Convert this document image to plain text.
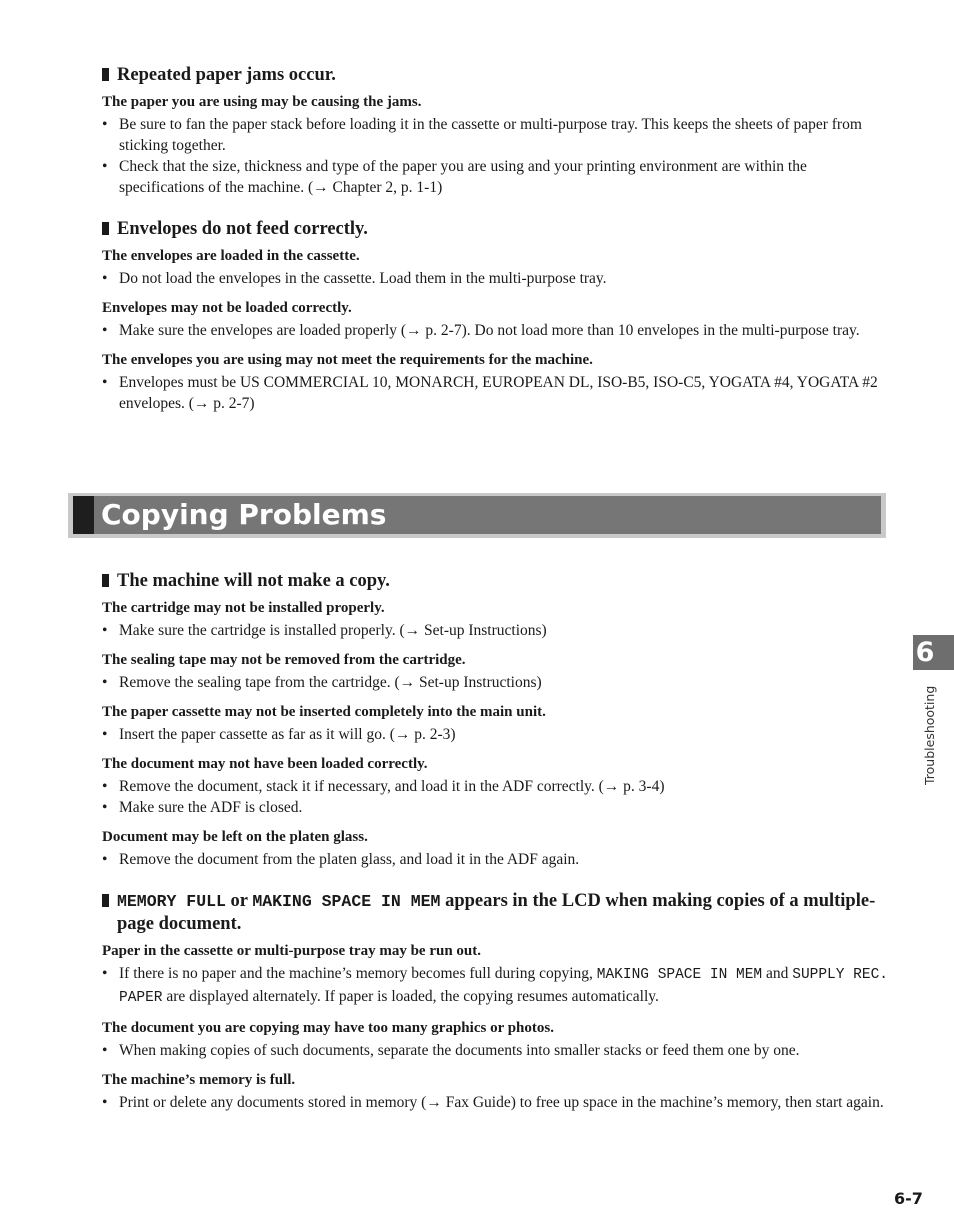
Repeated paper jams occur.
The paper you are using may be causing the jams.

• Be sure to fan the paper stack before loading it in the cassette or multi-purpose tray. This keeps the sheets of paper from sticking together.

• Check that the size, thickness and type of the paper you are using and your printing environment are within the specifications of the machine. (→ Chapter 2, p. 1-1)

Envelopes do not feed correctly.
The envelopes are loaded in the cassette.

• Do not load the envelopes in the cassette. Load them in the multi-purpose tray.

Envelopes may not be loaded correctly.

• Make sure the envelopes are loaded properly (→ p. 2-7). Do not load more than 10 envelopes in the multi-purpose tray.

The envelopes you are using may not meet the requirements for the machine.

• Envelopes must be US COMMERCIAL 10, MONARCH, EUROPEAN DL, ISO-B5, ISO-C5, YOGATA #4, YOGATA #2 envelopes. (→ p. 2-7)

Copying Problems
The machine will not make a copy.
The cartridge may not be installed properly.

• Make sure the cartridge is installed properly. (→ Set-up Instructions)

The sealing tape may not be removed from the cartridge.

• Remove the sealing tape from the cartridge. (→ Set-up Instructions)

The paper cassette may not be inserted completely into the main unit.

• Insert the paper cassette as far as it will go. (→ p. 2-3)

The document may not have been loaded correctly.

• Remove the document, stack it if necessary, and load it in the ADF correctly. (→ p. 3-4)

• Make sure the ADF is closed.

Document may be left on the platen glass.

• Remove the document from the platen glass, and load it in the ADF again.

MEMORY FULL or MAKING SPACE IN MEM appears in the LCD when making copies of a multiple-page document.
Paper in the cassette or multi-purpose tray may be run out.

• If there is no paper and the machine’s memory becomes full during copying, MAKING SPACE IN MEM and SUPPLY REC. PAPER are displayed alternately. If paper is loaded, the copying resumes automatically.

The document you are copying may have too many graphics or photos.

• When making copies of such documents, separate the documents into smaller stacks or feed them one by one.

The machine’s memory is full.

• Print or delete any documents stored in memory (→ Fax Guide) to free up space in the machine’s memory, then start again.

6
Troubleshooting
6-7
